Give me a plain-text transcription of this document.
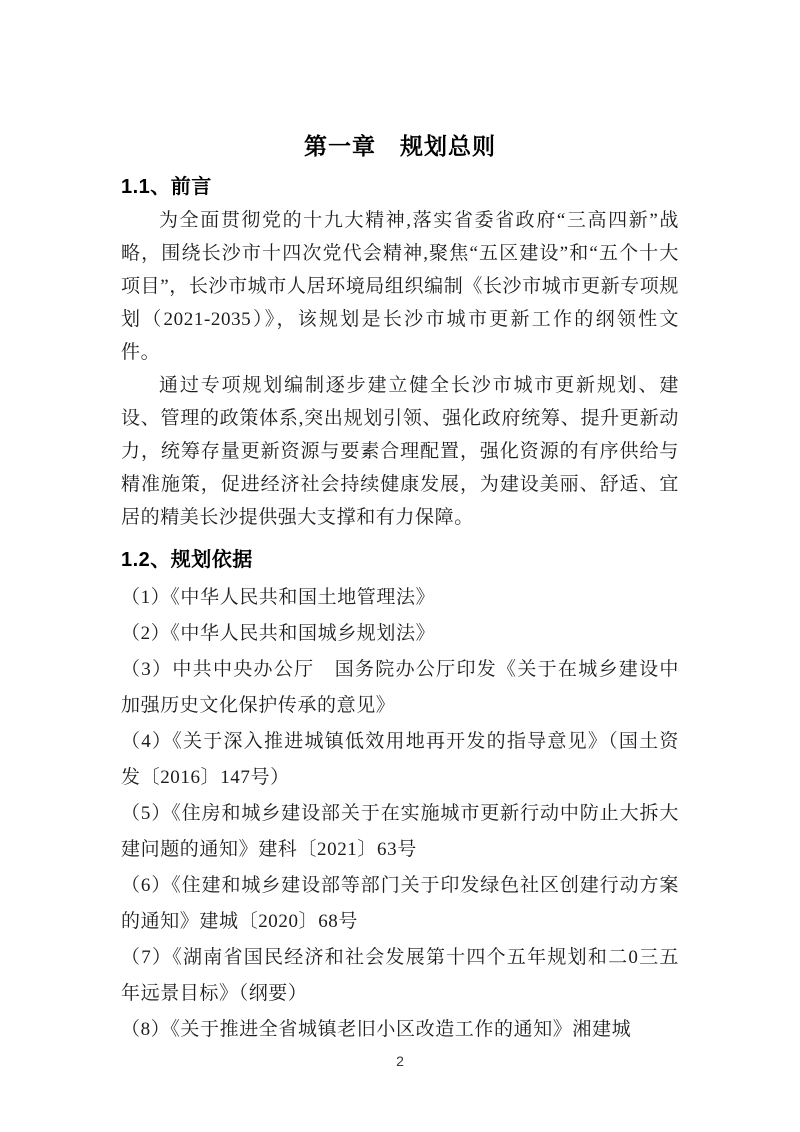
第一章　规划总则
1.1、前言

为全面贯彻党的十九大精神,落实省委省政府“三高四新”战略，围绕长沙市十四次党代会精神,聚焦“五区建设”和“五个十大项目”，长沙市城市人居环境局组织编制《长沙市城市更新专项规划（2021-2035）》，该规划是长沙市城市更新工作的纲领性文件。

通过专项规划编制逐步建立健全长沙市城市更新规划、建设、管理的政策体系,突出规划引领、强化政府统筹、提升更新动力，统筹存量更新资源与要素合理配置，强化资源的有序供给与精准施策，促进经济社会持续健康发展，为建设美丽、舒适、宜居的精美长沙提供强大支撑和有力保障。

1.2、规划依据

（1）《中华人民共和国土地管理法》

（2）《中华人民共和国城乡规划法》

（3）中共中央办公厅　国务院办公厅印发《关于在城乡建设中加强历史文化保护传承的意见》

（4）《关于深入推进城镇低效用地再开发的指导意见》（国土资发〔2016〕147号）

（5）《住房和城乡建设部关于在实施城市更新行动中防止大拆大建问题的通知》建科〔2021〕63号

（6）《住建和城乡建设部等部门关于印发绿色社区创建行动方案的通知》建城〔2020〕68号

（7）《湖南省国民经济和社会发展第十四个五年规划和二0三五年远景目标》（纲要）

（8）《关于推进全省城镇老旧小区改造工作的通知》湘建城

2
